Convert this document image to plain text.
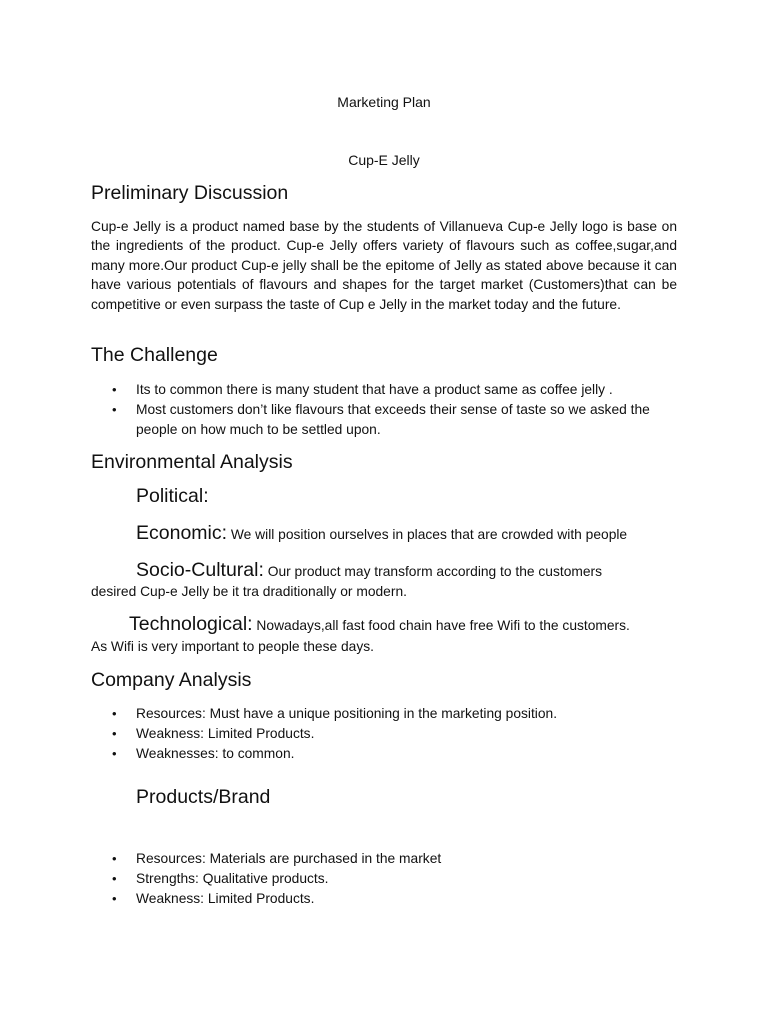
Marketing Plan
Cup-E Jelly
Preliminary Discussion
Cup-e Jelly is a product named base by the students of Villanueva Cup-e Jelly logo is base on the ingredients of the product. Cup-e Jelly offers variety of flavours such as coffee,sugar,and many more.Our product Cup-e jelly shall be the epitome of Jelly as stated above because it can have various potentials of flavours and shapes for the target market (Customers)that can be competitive or even surpass the taste of Cup e Jelly in the market today and the future.
The Challenge
• Its to common there is many student that have a product same as coffee jelly .
• Most customers don’t like flavours that exceeds their sense of taste so we asked the people on how much to be settled upon.
Environmental Analysis
Political:
Economic: We will position ourselves in places that are crowded with people
Socio-Cultural: Our product may transform according to the customers
desired Cup-e Jelly be it tra draditionally or modern.
Technological: Nowadays,all fast food chain have free Wifi to the customers.
As Wifi is very important to people these days.
Company Analysis
• Resources: Must have a unique positioning in the marketing position.
• Weakness: Limited Products.
• Weaknesses: to common.
Products/Brand
• Resources: Materials are purchased in the market
• Strengths: Qualitative products.
• Weakness: Limited Products.
